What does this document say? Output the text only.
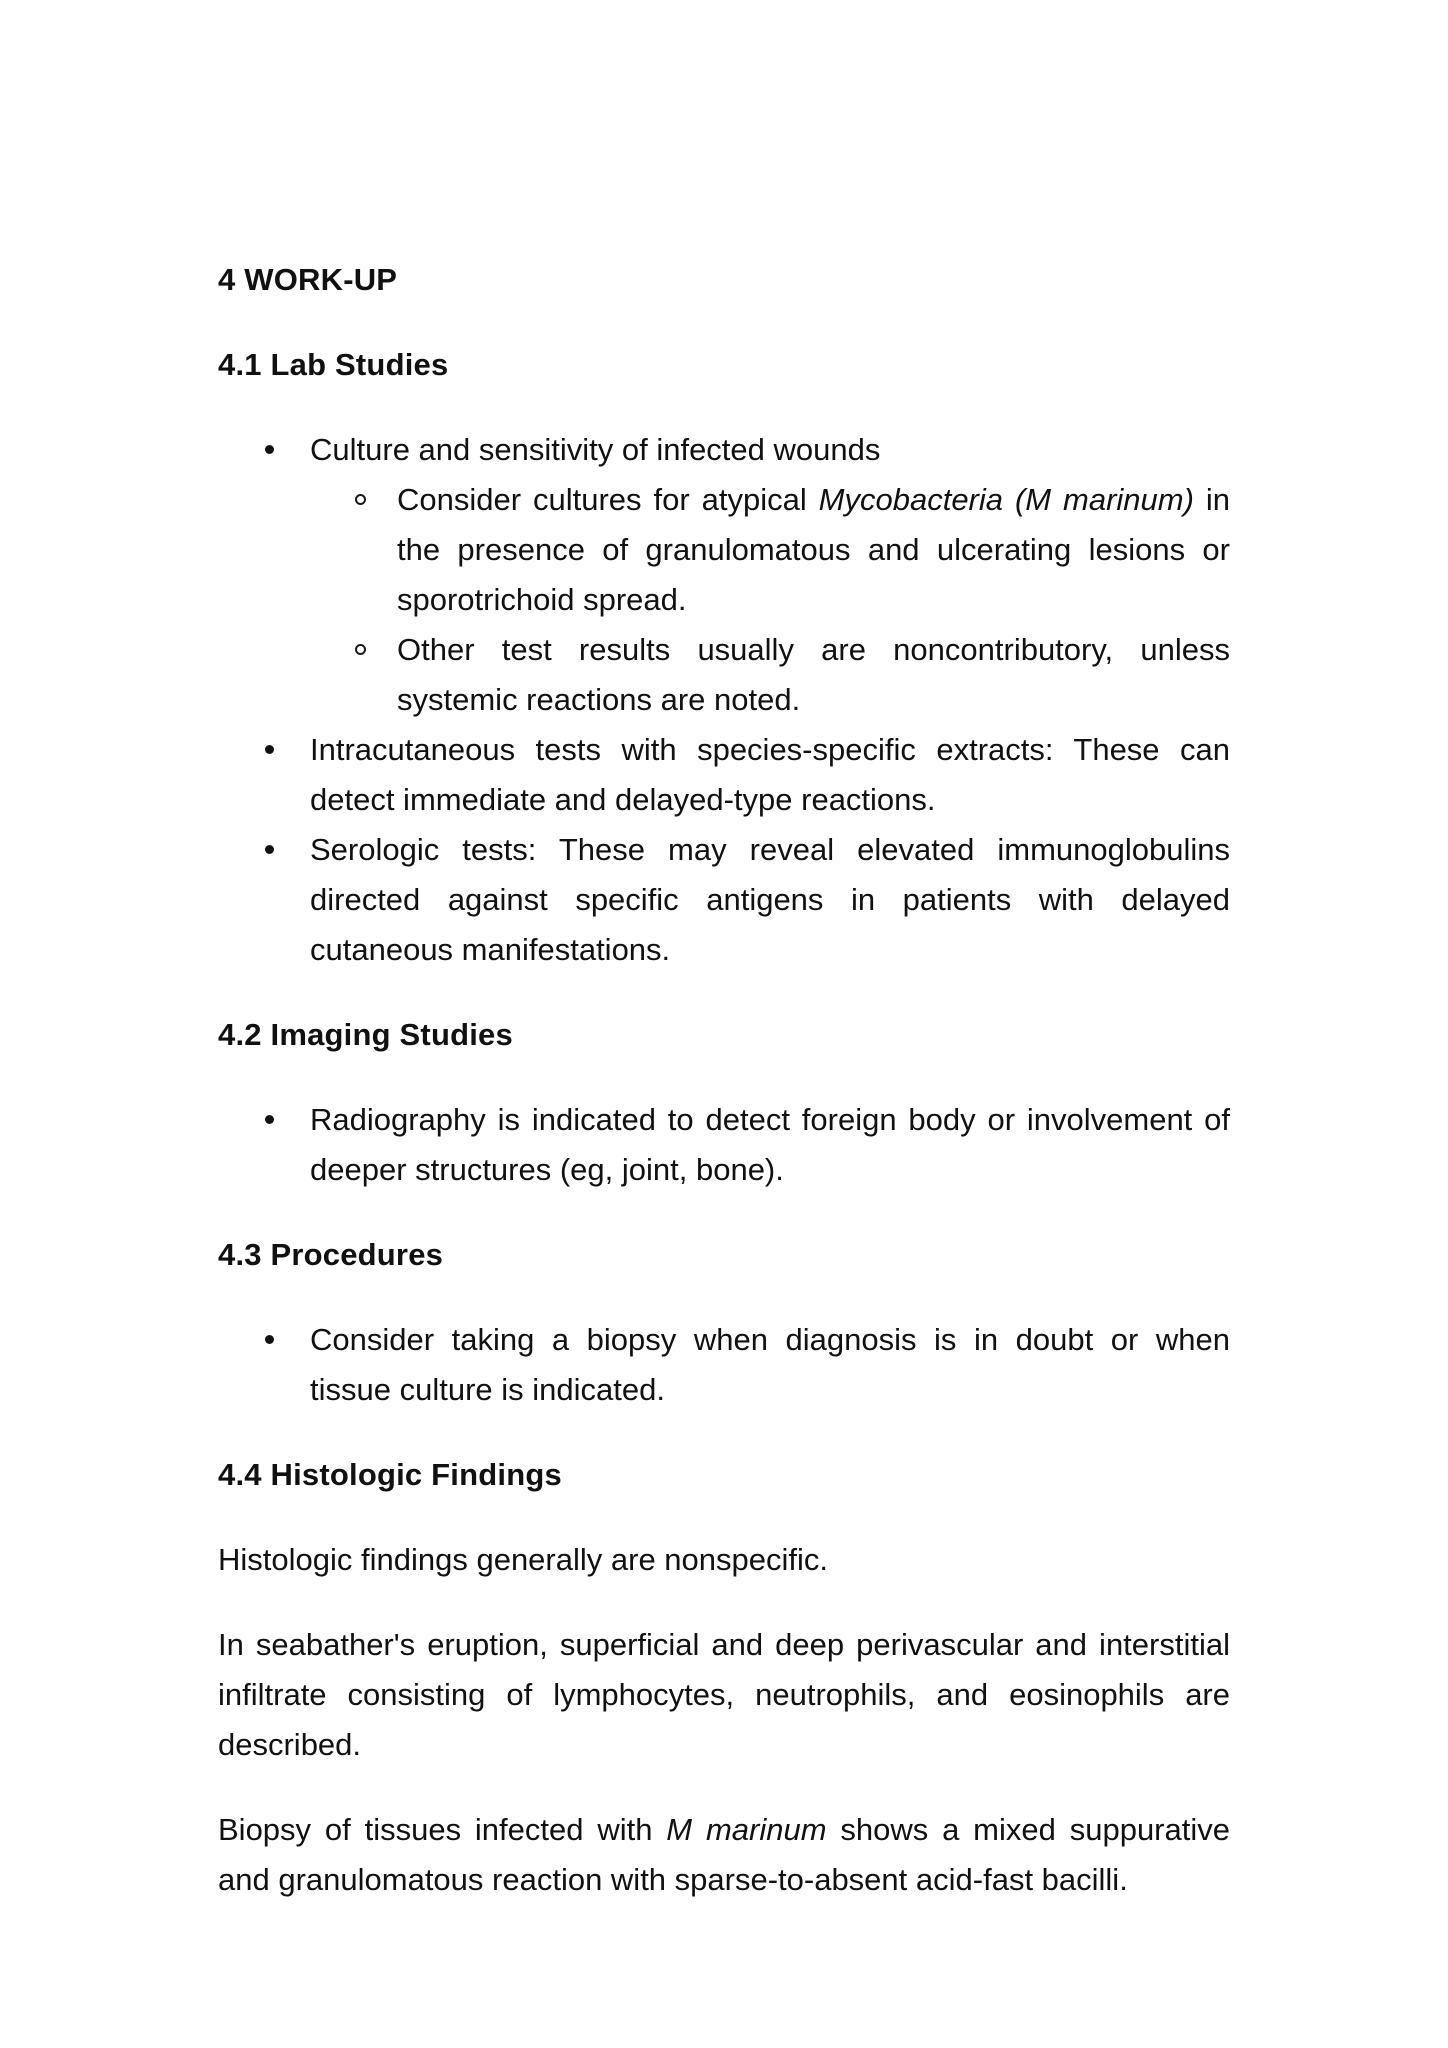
4 WORK-UP
4.1 Lab Studies
Culture and sensitivity of infected wounds
Consider cultures for atypical Mycobacteria (M marinum) in the presence of granulomatous and ulcerating lesions or sporotrichoid spread.
Other test results usually are noncontributory, unless systemic reactions are noted.
Intracutaneous tests with species-specific extracts: These can detect immediate and delayed-type reactions.
Serologic tests: These may reveal elevated immunoglobulins directed against specific antigens in patients with delayed cutaneous manifestations.
4.2 Imaging Studies
Radiography is indicated to detect foreign body or involvement of deeper structures (eg, joint, bone).
4.3 Procedures
Consider taking a biopsy when diagnosis is in doubt or when tissue culture is indicated.
4.4 Histologic Findings

Histologic findings generally are nonspecific.

In seabather's eruption, superficial and deep perivascular and interstitial infiltrate consisting of lymphocytes, neutrophils, and eosinophils are described.

Biopsy of tissues infected with M marinum shows a mixed suppurative and granulomatous reaction with sparse-to-absent acid-fast bacilli.
